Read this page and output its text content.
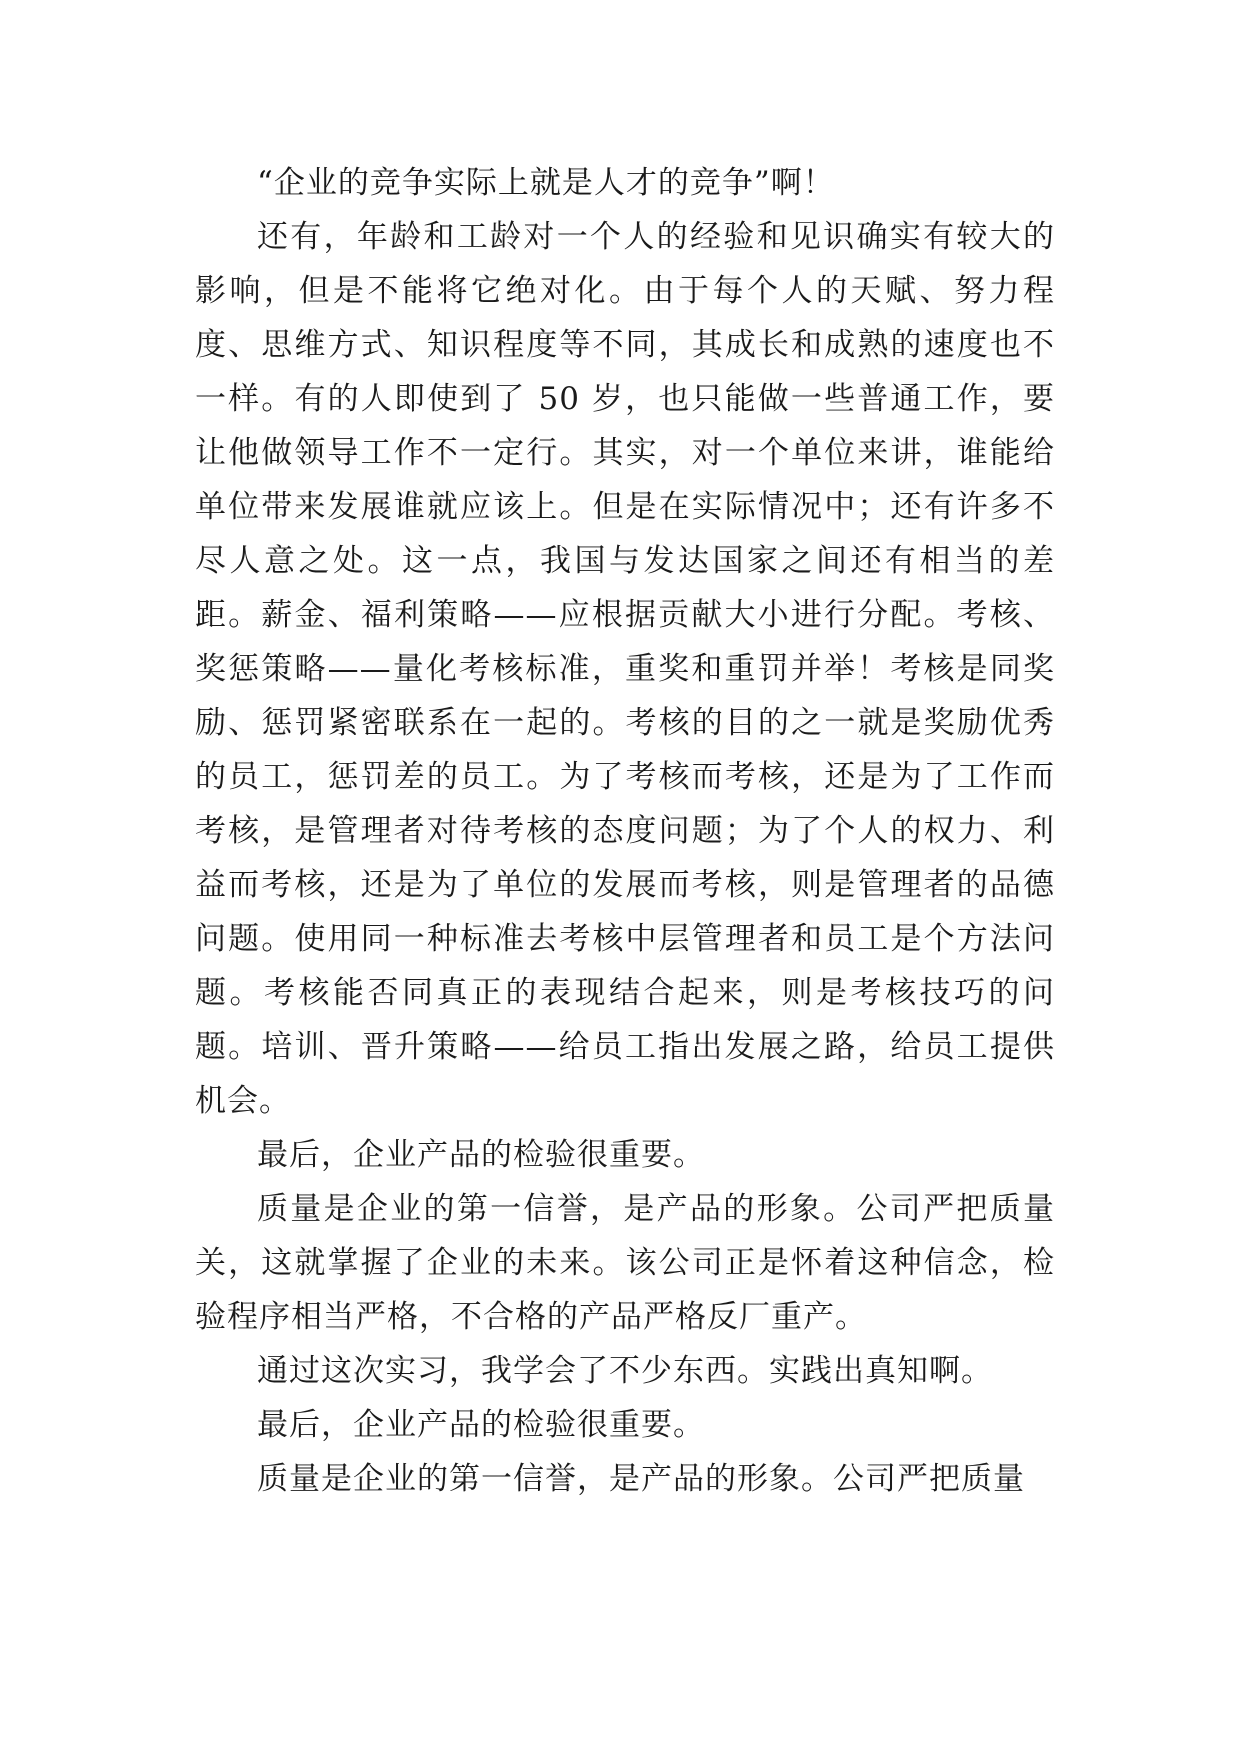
“企业的竞争实际上就是人才的竞争”啊！

还有，年龄和工龄对一个人的经验和见识确实有较大的影响，但是不能将它绝对化。由于每个人的天赋、努力程度、思维方式、知识程度等不同，其成长和成熟的速度也不一样。有的人即使到了 50 岁，也只能做一些普通工作，要让他做领导工作不一定行。其实，对一个单位来讲，谁能给单位带来发展谁就应该上。但是在实际情况中；还有许多不尽人意之处。这一点，我国与发达国家之间还有相当的差距。薪金、福利策略——应根据贡献大小进行分配。考核、奖惩策略——量化考核标准，重奖和重罚并举！考核是同奖励、惩罚紧密联系在一起的。考核的目的之一就是奖励优秀的员工，惩罚差的员工。为了考核而考核，还是为了工作而考核，是管理者对待考核的态度问题；为了个人的权力、利益而考核，还是为了单位的发展而考核，则是管理者的品德问题。使用同一种标准去考核中层管理者和员工是个方法问题。考核能否同真正的表现结合起来，则是考核技巧的问题。培训、晋升策略——给员工指出发展之路，给员工提供机会。

最后，企业产品的检验很重要。

质量是企业的第一信誉，是产品的形象。公司严把质量关，这就掌握了企业的未来。该公司正是怀着这种信念，检验程序相当严格，不合格的产品严格反厂重产。

通过这次实习，我学会了不少东西。实践出真知啊。

最后，企业产品的检验很重要。

质量是企业的第一信誉，是产品的形象。公司严把质量
